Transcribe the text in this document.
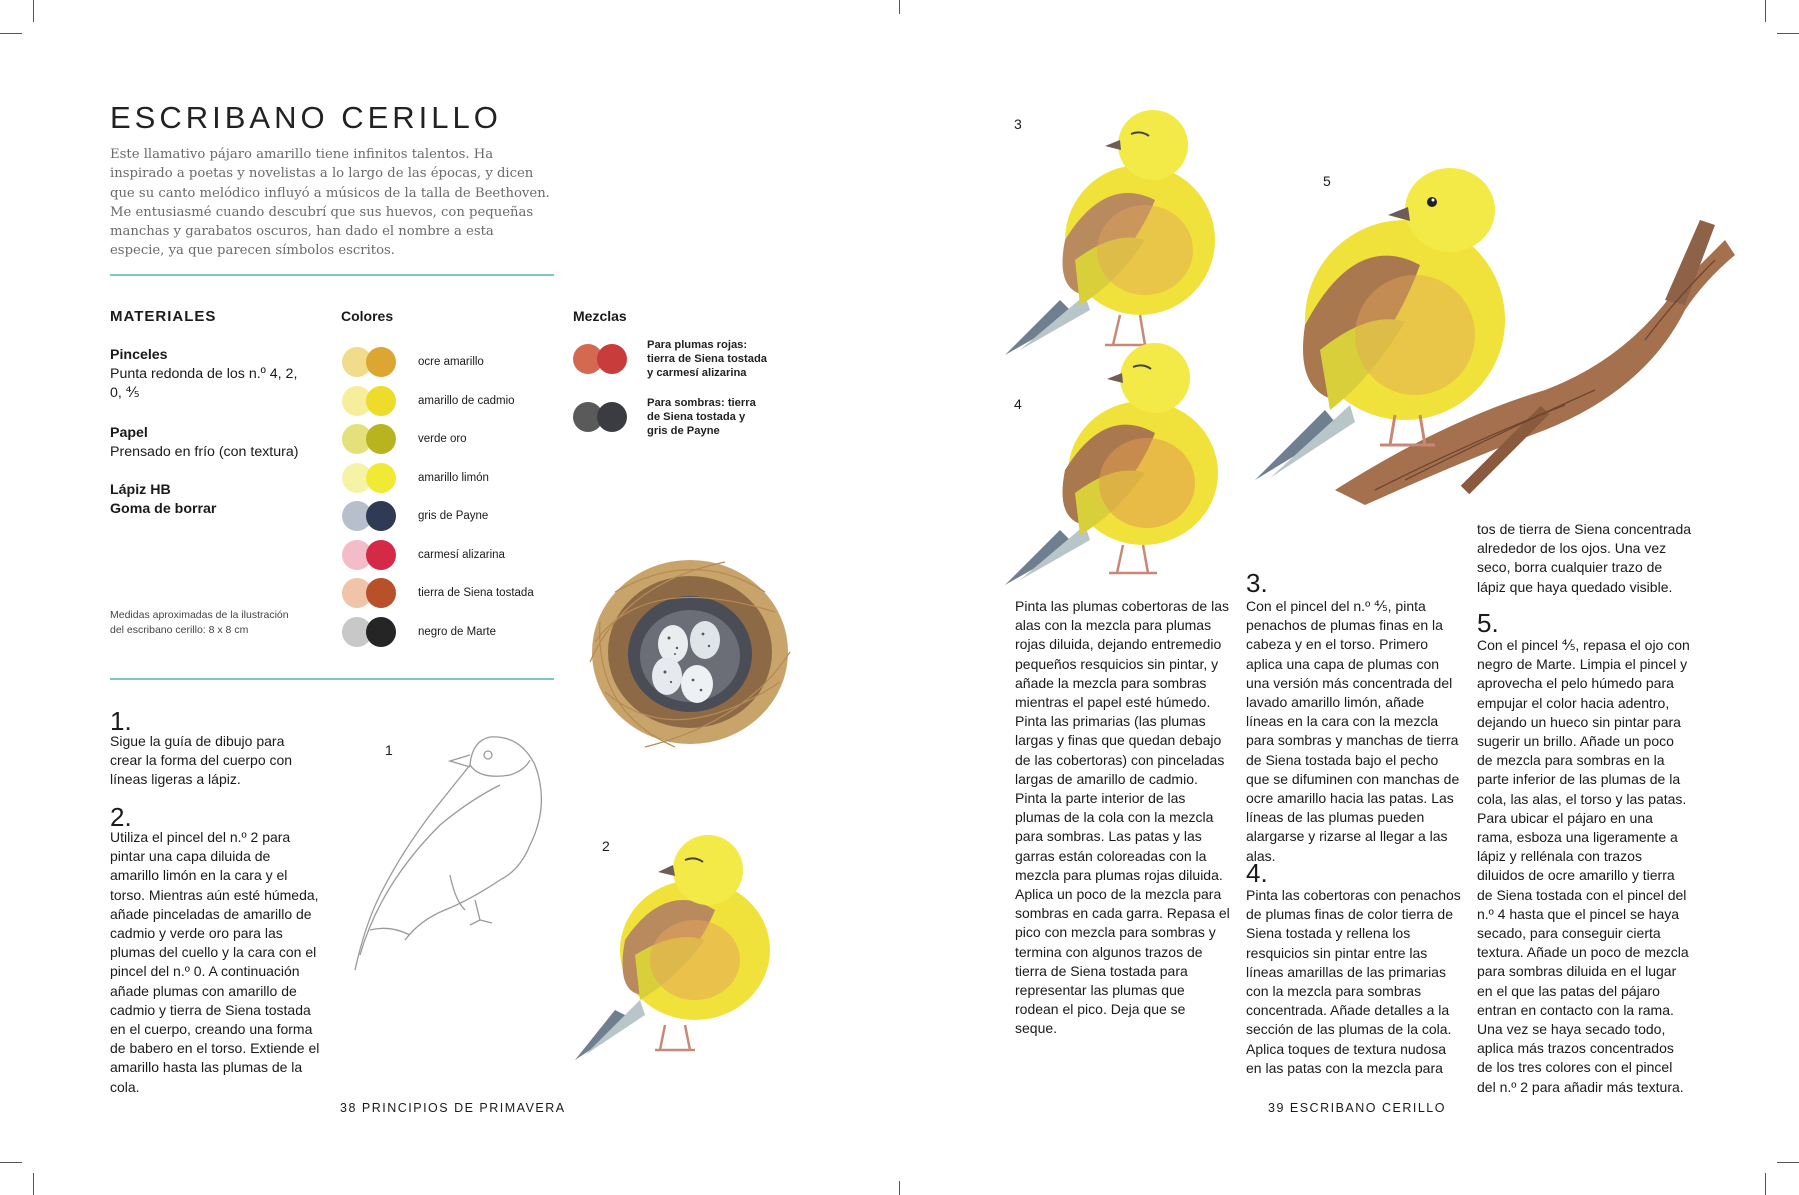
ESCRIBANO CERILLO
Este llamativo pájaro amarillo tiene infinitos talentos. Ha inspirado a poetas y novelistas a lo largo de las épocas, y dicen que su canto melódico influyó a músicos de la talla de Beethoven. Me entusiasmé cuando descubrí que sus huevos, con pequeñas manchas y garabatos oscuros, han dado el nombre a esta especie, ya que parecen símbolos escritos.
MATERIALES
Pinceles
Punta redonda de los n.º 4, 2, 0, ⅘
Papel
Prensado en frío (con textura)
Lápiz HB
Goma de borrar
Medidas aproximadas de la ilustración del escribano cerillo: 8 x 8 cm
Colores
ocre amarillo
amarillo de cadmio
verde oro
amarillo limón
gris de Payne
carmesí alizarina
tierra de Siena tostada
negro de Marte
Mezclas
Para plumas rojas: tierra de Siena tostada y carmesí alizarina
Para sombras: tierra de Siena tostada y gris de Payne
1.
Sigue la guía de dibujo para crear la forma del cuerpo con líneas ligeras a lápiz.
2.
Utiliza el pincel del n.º 2 para pintar una capa diluida de amarillo limón en la cara y el torso. Mientras aún esté húmeda, añade pinceladas de amarillo de cadmio y verde oro para las plumas del cuello y la cara con el pincel del n.º 0. A continuación añade plumas con amarillo de cadmio y tierra de Siena tostada en el cuerpo, creando una forma de babero en el torso. Extiende el amarillo hasta las plumas de la cola.
1
2
38 PRINCIPIOS DE PRIMAVERA
3
4
5
Pinta las plumas cobertoras de las alas con la mezcla para plumas rojas diluida, dejando entremedio pequeños resquicios sin pintar, y añade la mezcla para sombras mientras el papel esté húmedo. Pinta las primarias (las plumas largas y finas que quedan debajo de las cobertoras) con pinceladas largas de amarillo de cadmio. Pinta la parte interior de las plumas de la cola con la mezcla para sombras. Las patas y las garras están coloreadas con la mezcla para plumas rojas diluida. Aplica un poco de la mezcla para sombras en cada garra. Repasa el pico con mezcla para sombras y termina con algunos trazos de tierra de Siena tostada para representar las plumas que rodean el pico. Deja que se seque.
3.
Con el pincel del n.º ⅘, pinta penachos de plumas finas en la cabeza y en el torso. Primero aplica una capa de plumas con una versión más concentrada del lavado amarillo limón, añade líneas en la cara con la mezcla para sombras y manchas de tierra de Siena tostada bajo el pecho que se difuminen con manchas de ocre amarillo hacia las patas. Las líneas de las plumas pueden alargarse y rizarse al llegar a las alas.
4.
Pinta las cobertoras con penachos de plumas finas de color tierra de Siena tostada y rellena los resquicios sin pintar entre las líneas amarillas de las primarias con la mezcla para sombras concentrada. Añade detalles a la sección de las plumas de la cola. Aplica toques de textura nudosa en las patas con la mezcla para
tos de tierra de Siena concentrada alrededor de los ojos. Una vez seco, borra cualquier trazo de lápiz que haya quedado visible.
5.
Con el pincel ⅘, repasa el ojo con negro de Marte. Limpia el pincel y aprovecha el pelo húmedo para empujar el color hacia adentro, dejando un hueco sin pintar para sugerir un brillo. Añade un poco de mezcla para sombras en la parte inferior de las plumas de la cola, las alas, el torso y las patas. Para ubicar el pájaro en una rama, esboza una ligeramente a lápiz y rellénala con trazos diluidos de ocre amarillo y tierra de Siena tostada con el pincel del n.º 4 hasta que el pincel se haya secado, para conseguir cierta textura. Añade un poco de mezcla para sombras diluida en el lugar en el que las patas del pájaro entran en contacto con la rama. Una vez se haya secado todo, aplica más trazos concentrados de los tres colores con el pincel del n.º 2 para añadir más textura.
39 ESCRIBANO CERILLO
